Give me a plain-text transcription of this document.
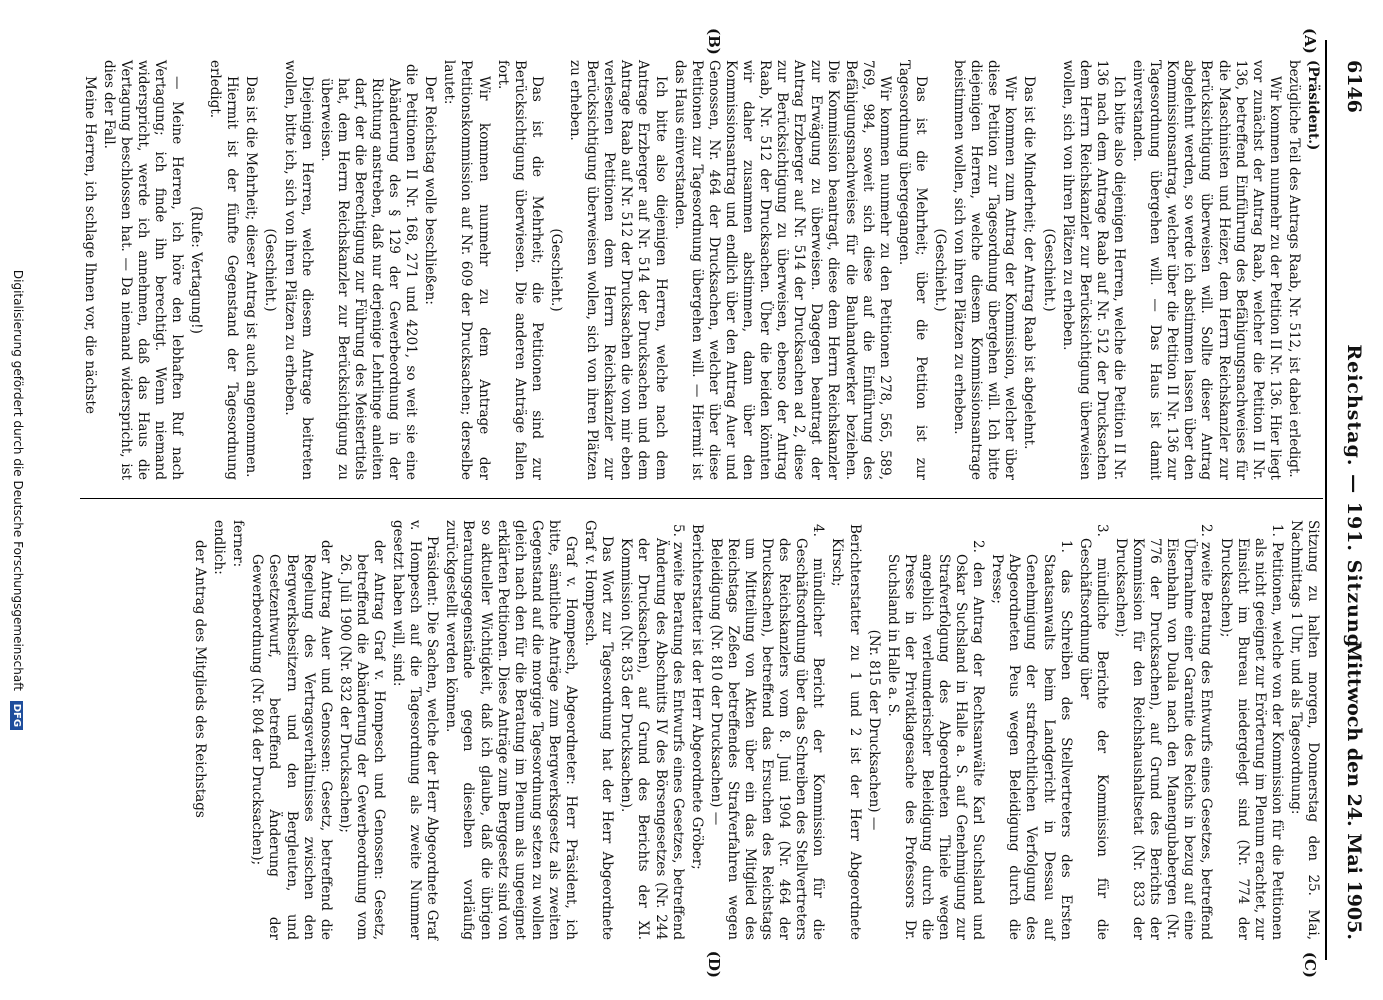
6146
Reichstag. — 191. Sitzung.
Mittwoch den 24. Mai 1905.
(A)
(B)
(C)
(D)

(Präsident.)

bezügliche Teil des Antrags Raab, Nr. 512, ist dabei erledigt.

Wir kommen nunmehr zu der Petition II Nr. 136. Hier liegt vor zunächst der Antrag Raab, welcher die Petition II Nr. 136, betreffend Einführung des Befähigungsnachweises für die Maschinisten und Heizer, dem Herrn Reichskanzler zur Berücksichtigung überweisen will. Sollte dieser Antrag abgelehnt werden, so werde ich abstimmen lassen über den Kommissionsantrag, welcher über die Petition II Nr. 136 zur Tagesordnung übergehen will. — Das Haus ist damit einverstanden.

Ich bitte also diejenigen Herren, welche die Petition II Nr. 136 nach dem Antrage Raab auf Nr. 512 der Drucksachen dem Herrn Reichskanzler zur Berücksichtigung überweisen wollen, sich von ihren Plätzen zu erheben.

(Geschieht.)

Das ist die Minderheit; der Antrag Raab ist abgelehnt.

Wir kommen zum Antrag der Kommission, welcher über diese Petition zur Tagesordnung übergehen will. Ich bitte diejenigen Herren, welche diesem Kommissionsantrage beistimmen wollen, sich von ihren Plätzen zu erheben.

(Geschieht.)

Das ist die Mehrheit; über die Petition ist zur Tagesordnung übergegangen.

Wir kommen nunmehr zu den Petitionen 278, 565, 589, 769, 984, soweit sich diese auf die Einführung des Befähigungsnachweises für die Bauhandwerker beziehen. Die Kommission beantragt, diese dem Herrn Reichskanzler zur Erwägung zu überweisen. Dagegen beantragt der Antrag Erzberger auf Nr. 514 der Drucksachen ad 2, diese zur Berücksichtigung zu überweisen, ebenso der Antrag Raab, Nr. 512 der Drucksachen. Über die beiden könnten wir daher zusammen abstimmen, dann über den Kommissionsantrag und endlich über den Antrag Auer und Genossen, Nr. 464 der Drucksachen, welcher über diese Petitionen zur Tagesordnung übergehen will. — Hiermit ist das Haus einverstanden.

Ich bitte also diejenigen Herren, welche nach dem Antrage Erzberger auf Nr. 514 der Drucksachen und dem Antrage Raab auf Nr. 512 der Drucksachen die von mir eben verlesenen Petitionen dem Herrn Reichskanzler zur Berücksichtigung überweisen wollen, sich von ihren Plätzen zu erheben.

(Geschieht.)

Das ist die Mehrheit; die Petitionen sind zur Berücksichtigung überwiesen. Die anderen Anträge fallen fort.

Wir kommen nunmehr zu dem Antrage der Petitionskommission auf Nr. 609 der Drucksachen; derselbe lautet:

Der Reichstag wolle beschließen:

die Petitionen II Nr. 168, 271 und 4201, so weit sie eine Abänderung des § 129 der Gewerbeordnung in der Richtung anstreben, daß nur derjenige Lehrlinge anleiten darf, der die Berechtigung zur Führung des Meistertitels hat, dem Herrn Reichskanzler zur Berücksichtigung zu überweisen.

Diejenigen Herren, welche diesem Antrage beitreten wollen, bitte ich, sich von ihren Plätzen zu erheben.

(Geschieht.)

Das ist die Mehrheit; dieser Antrag ist auch angenommen.

Hiermit ist der fünfte Gegenstand der Tagesordnung erledigt.

(Rufe: Vertagung!)

— Meine Herren, ich höre den lebhaften Ruf nach Vertagung; ich finde ihn berechtigt. Wenn niemand widerspricht, werde ich annehmen, daß das Haus die Vertagung beschlossen hat. — Da niemand widerspricht, ist dies der Fall.

Meine Herren, ich schlage Ihnen vor, die nächste

Sitzung zu halten morgen, Donnerstag den 25. Mai, Nachmittags 1 Uhr, und als Tagesordnung:

1. Petitionen, welche von der Kommission für die Petitionen als nicht geeignet zur Erörterung im Plenum erachtet, zur Einsicht im Bureau niedergelegt sind (Nr. 774 der Drucksachen);

2. zweite Beratung des Entwurfs eines Gesetzes, betreffend Übernahme einer Garantie des Reichs in bezug auf eine Eisenbahn von Duala nach den Manengubabergen (Nr. 776 der Drucksachen), auf Grund des Berichts der Kommission für den Reichshaushaltsetat (Nr. 833 der Drucksachen);

3. mündliche Berichte der Kommission für die Geschäftsordnung über

1. das Schreiben des Stellvertreters des Ersten Staatsanwalts beim Landgericht in Dessau auf Genehmigung der strafrechtlichen Verfolgung des Abgeordneten Peus wegen Beleidigung durch die Presse;

2. den Antrag der Rechtsanwälte Karl Suchsland und Oskar Suchsland in Halle a. S. auf Genehmigung zur Strafverfolgung des Abgeordneten Thiele wegen angeblich verleumderischer Beleidigung durch die Presse in der Privatklagesache des Professors Dr. Suchsland in Halle a. S.

(Nr. 815 der Drucksachen) —

Berichterstatter zu 1 und 2 ist der Herr Abgeordnete Kirsch;

4. mündlicher Bericht der Kommission für die Geschäftsordnung über das Schreiben des Stellvertreters des Reichskanzlers vom 8. Juni 1904 (Nr. 464 der Drucksachen), betreffend das Ersuchen des Reichstags um Mitteilung von Akten über ein das Mitglied des Reichstags Zeßen betreffendes Strafverfahren wegen Beleidigung (Nr. 810 der Drucksachen) —

Berichterstatter ist der Herr Abgeordnete Gröber;

5. zweite Beratung des Entwurfs eines Gesetzes, betreffend Änderung des Abschnitts IV des Börsengesetzes (Nr. 244 der Drucksachen), auf Grund des Berichts der XI. Kommission (Nr. 835 der Drucksachen).

Das Wort zur Tagesordnung hat der Herr Abgeordnete Graf v. Hompesch.

Graf v. Hompesch, Abgeordneter: Herr Präsident, ich bitte, sämtliche Anträge zum Bergwerksgesetz als zweiten Gegenstand auf die morgige Tagesordnung setzen zu wollen gleich nach den für die Beratung im Plenum als ungeeignet erklärten Petitionen. Diese Anträge zum Berggesetz sind von so aktueller Wichtigkeit, daß ich glaube, daß die übrigen Beratungsgegenstände gegen dieselben vorläufig zurückgestellt werden können.

Präsident: Die Sachen, welche der Herr Abgeordnete Graf v. Hompesch auf die Tagesordnung als zweite Nummer gesetzt haben will, sind:

der Antrag Graf v. Hompesch und Genossen: Gesetz, betreffend die Abänderung der Gewerbeordnung vom 26. Juli 1900 (Nr. 832 der Drucksachen);

der Antrag Auer und Genossen: Gesetz, betreffend die Regelung des Vertragsverhältnisses zwischen den Bergwerksbesitzern und den Bergleuten, und Gesetzentwurf, betreffend Änderung der Gewerbeordnung (Nr. 804 der Drucksachen);

ferner:

endlich:

der Antrag des Mitglieds des Reichstags

Digitalisierung gefördert durch die Deutsche Forschungsgemeinschaft DFG
